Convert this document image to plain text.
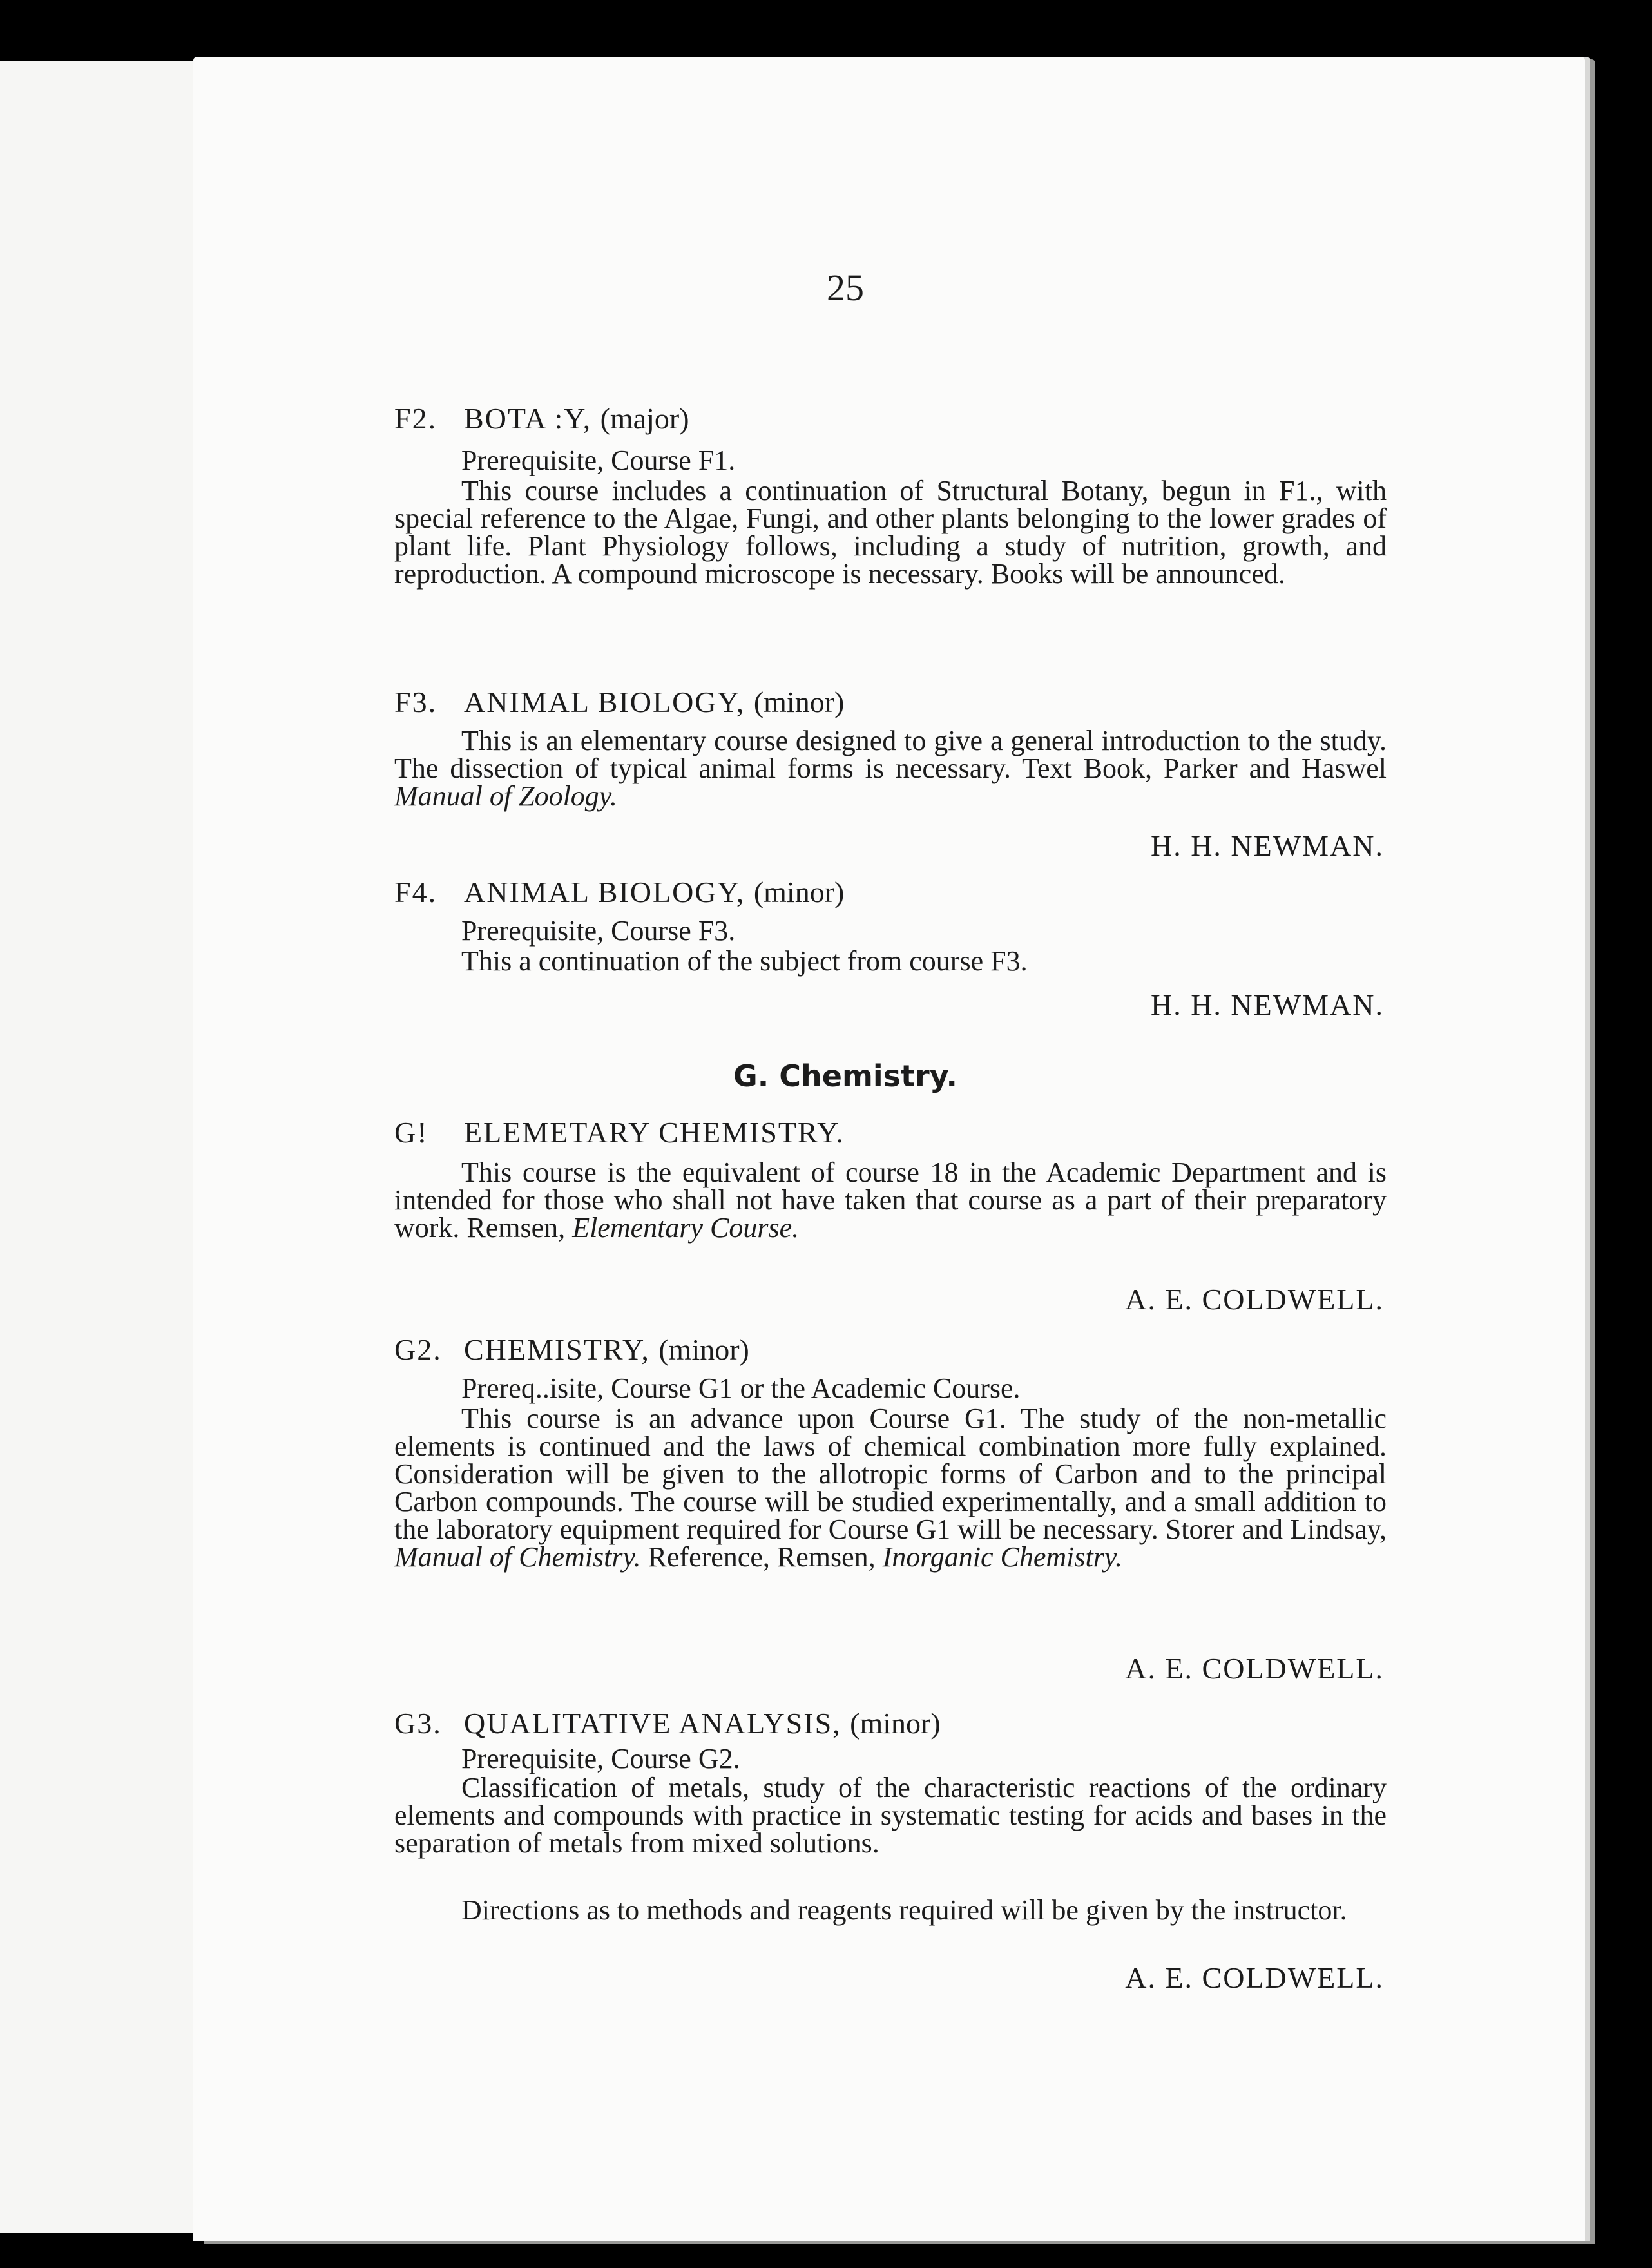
25
F2. BOTA :Y, (major)
Prerequisite, Course F1.
This course includes a continuation of Structural Botany, begun in F1., with special reference to the Algae, Fungi, and other plants belonging to the lower grades of plant life. Plant Physiology follows, including a study of nutrition, growth, and reproduction. A compound microscope is necessary. Books will be announced.
F3. ANIMAL BIOLOGY, (minor)
This is an elementary course designed to give a general introduction to the study. The dissection of typical animal forms is necessary. Text Book, Parker and Haswel Manual of Zoology.
H. H. NEWMAN.
F4. ANIMAL BIOLOGY, (minor)
Prerequisite, Course F3.
This a continuation of the subject from course F3.
H. H. NEWMAN.
G. Chemistry.
G! ELEMETARY CHEMISTRY.
This course is the equivalent of course 18 in the Academic Department and is intended for those who shall not have taken that course as a part of their preparatory work. Remsen, Elementary Course.
A. E. COLDWELL.
G2. CHEMISTRY, (minor)
Prereq..isite, Course G1 or the Academic Course.
This course is an advance upon Course G1. The study of the non-metallic elements is continued and the laws of chemical combination more fully explained. Consideration will be given to the allotropic forms of Carbon and to the principal Carbon compounds. The course will be studied experimentally, and a small addition to the laboratory equipment required for Course G1 will be necessary. Storer and Lindsay, Manual of Chemistry. Reference, Remsen, Inorganic Chemistry.
A. E. COLDWELL.
G3. QUALITATIVE ANALYSIS, (minor)
Prerequisite, Course G2.
Classification of metals, study of the characteristic reactions of the ordinary elements and compounds with practice in systematic testing for acids and bases in the separation of metals from mixed solutions.
Directions as to methods and reagents required will be given by the instructor.
A. E. COLDWELL.
